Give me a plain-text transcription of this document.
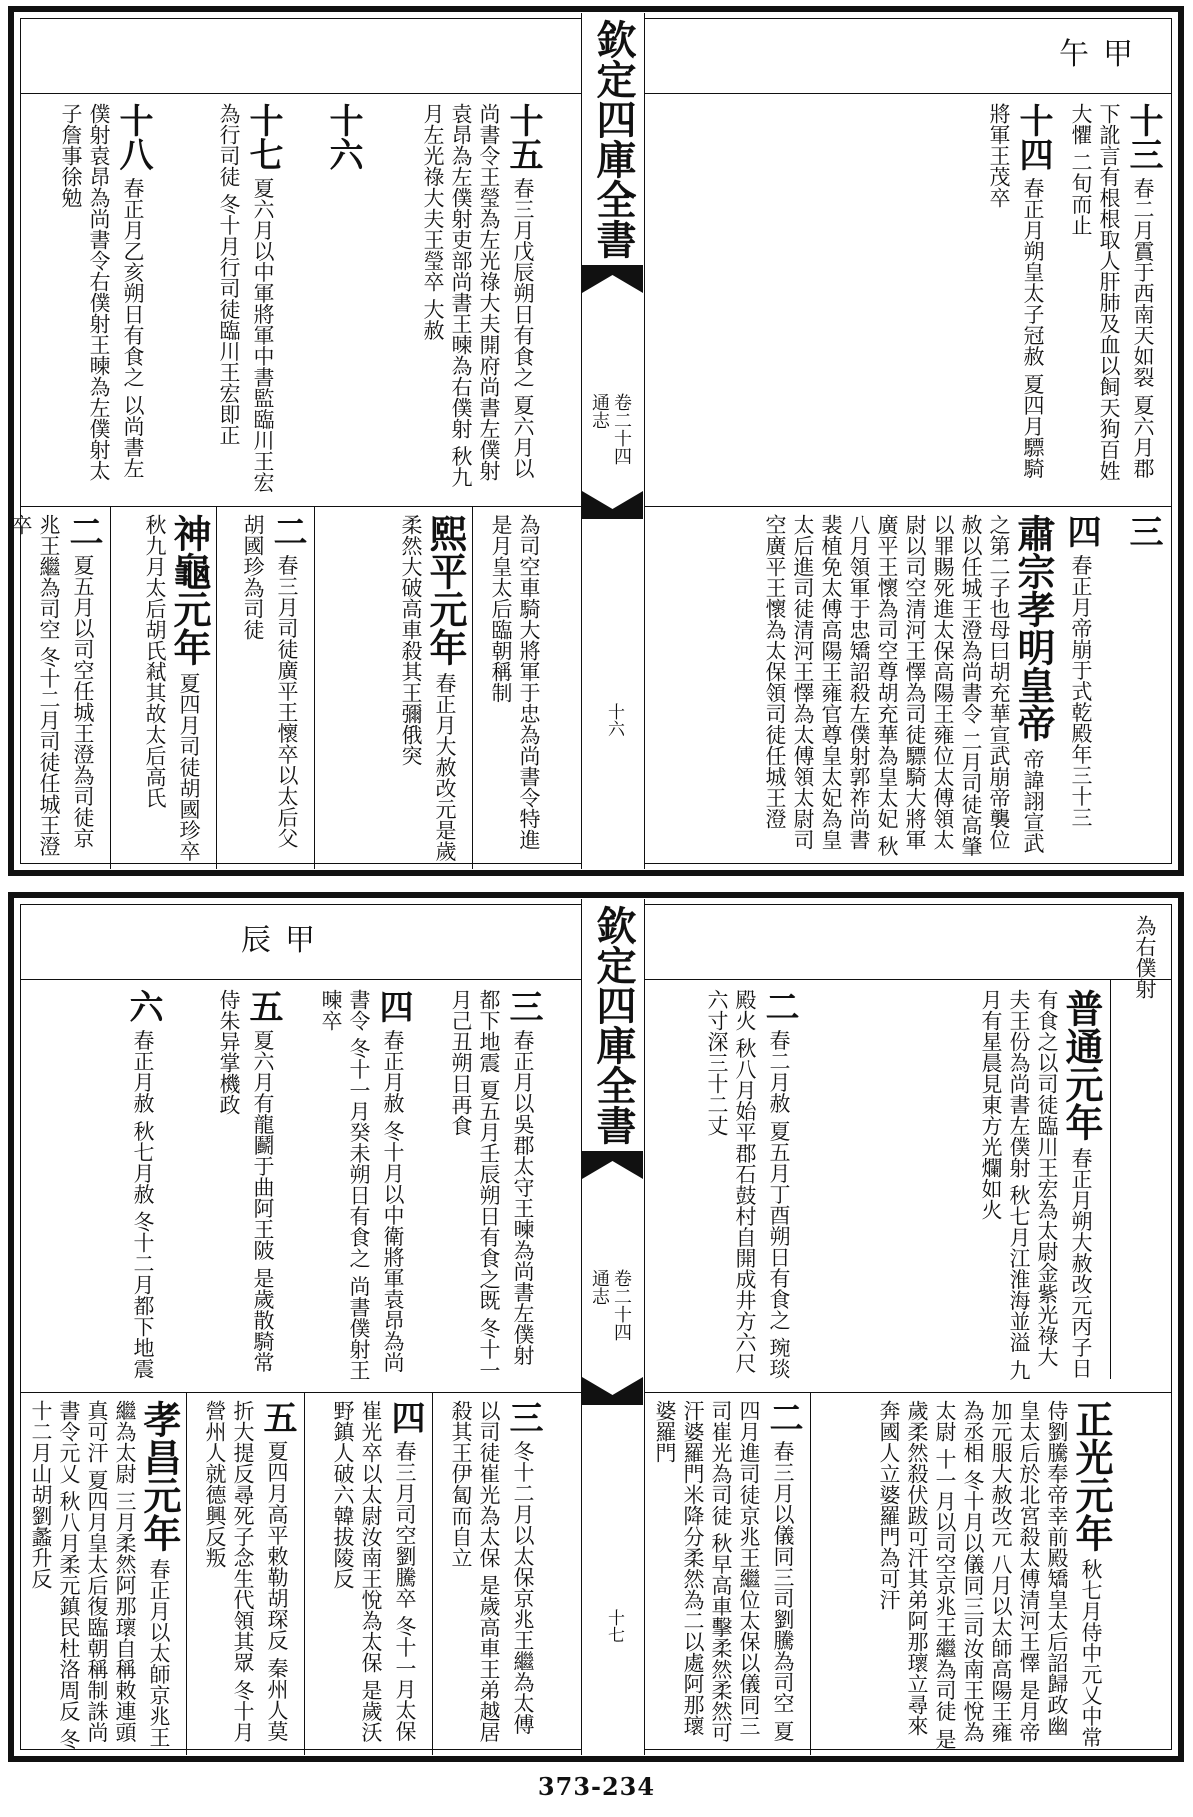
甲午
十三 春二月霣于西南天如裂 夏六月郡下訛言有根根取人肝肺及血以飼天狗百姓大懼 二旬而止
十四 春正月朔皇太子冠赦 夏四月驃騎將軍王茂卒
十五 春三月戊辰朔日有食之 夏六月以尚書令王瑩為左光祿大夫開府尚書左僕射袁昂為左僕射吏部尚書王暕為右僕射 秋九月左光祿大夫王瑩卒 大赦
十六
十七 夏六月以中軍將軍中書監臨川王宏為行司徒 冬十月行司徒臨川王宏即正
十八 春正月乙亥朔日有食之 以尚書左僕射袁昂為尚書令右僕射王暕為左僕射太子詹事徐勉
三
四 春正月帝崩于式乾殿年三十三
肅宗孝明皇帝 帝諱詡宣武之第二子也母曰胡充華宣武崩帝襲位赦以任城王澄為尚書令 二月司徒高肇以罪賜死進太保高陽王雍位太傅領太尉以司空清河王懌為司徒驃騎大將軍廣平王懷為司空尊胡充華為皇太妃 秋八月領軍于忠矯詔殺左僕射郭祚尚書裴植免太傅高陽王雍官尊皇太妃為皇太后進司徒清河王懌為太傅領太尉司空廣平王懷為太保領司徒任城王澄
為司空車騎大將軍于忠為尚書令特進是月皇太后臨朝稱制
熙平元年 春正月大赦改元是歲柔然大破高車殺其王彌俄突
二 春三月司徒廣平王懷卒以太后父胡國珍為司徒
神龜元年 夏四月司徒胡國珍卒 秋九月太后胡氏弒其故太后高氏
二 夏五月以司空任城王澄為司徒京兆王繼為司空 冬十二月司徒任城王澄卒
欽定四庫全書
通志 卷二十四
十六
甲辰	為右僕射
普通元年 春正月朔大赦改元丙子日有食之以司徒臨川王宏為太尉金紫光祿大夫王份為尚書左僕射 秋七月江淮海並溢 九月有星晨見東方光爛如火
二 春二月赦 夏五月丁酉朔日有食之 琬琰殿火 秋八月始平郡石鼓村自開成井方六尺六寸深三十二丈
三 春正月以吳郡太守王暕為尚書左僕射 都下地震 夏五月壬辰朔日有食之既 冬十一月己丑朔日再食
四 春正月赦 冬十月以中衛將軍袁昂為尚書令 冬十一月癸未朔日有食之 尚書僕射王暕卒
五 夏六月有龍鬬于曲阿王陂 是歲散騎常侍朱异掌機政
六 春正月赦 秋七月赦 冬十二月都下地震
正光元年 秋七月侍中元乂中常侍劉騰奉帝幸前殿矯皇太后詔歸政幽皇太后於北宮殺太傅清河王懌 是月帝加元服大赦改元 八月以太師高陽王雍為丞相 冬十月以儀同三司汝南王悅為太尉 十一月以司空京兆王繼為司徒 是歲柔然殺伏跋可汗其弟阿那瓌立尋來奔國人立婆羅門為可汗
二 春三月以儀同三司劉騰為司空 夏四月進司徒京兆王繼位太保以儀同三司崔光為司徒 秋早高車擊柔然柔然可汗婆羅門米降分柔然為二以處阿那瓌婆羅門
三 冬十二月以太保京兆王繼為太傅以司徒崔光為太保 是歲高車王弟越居殺其王伊匐而自立
四 春三月司空劉騰卒 冬十一月太保崔光卒以太尉汝南王悅為太保 是歲沃野鎮人破六韓拔陵反
五 夏四月高平敕勒胡琛反 秦州人莫折大提反尋死子念生代領其眾 冬十月營州人就德興反叛
孝昌元年 春正月以太師京兆王繼為太尉 三月柔然阿那瓌自稱敕連頭真可汗 夏四月皇太后復臨朝稱制誅尚書令元乂 秋八月柔元鎮民杜洛周反 冬十二月山胡劉蠡升反
欽定四庫全書
通志 卷二十四
十七
373-234
